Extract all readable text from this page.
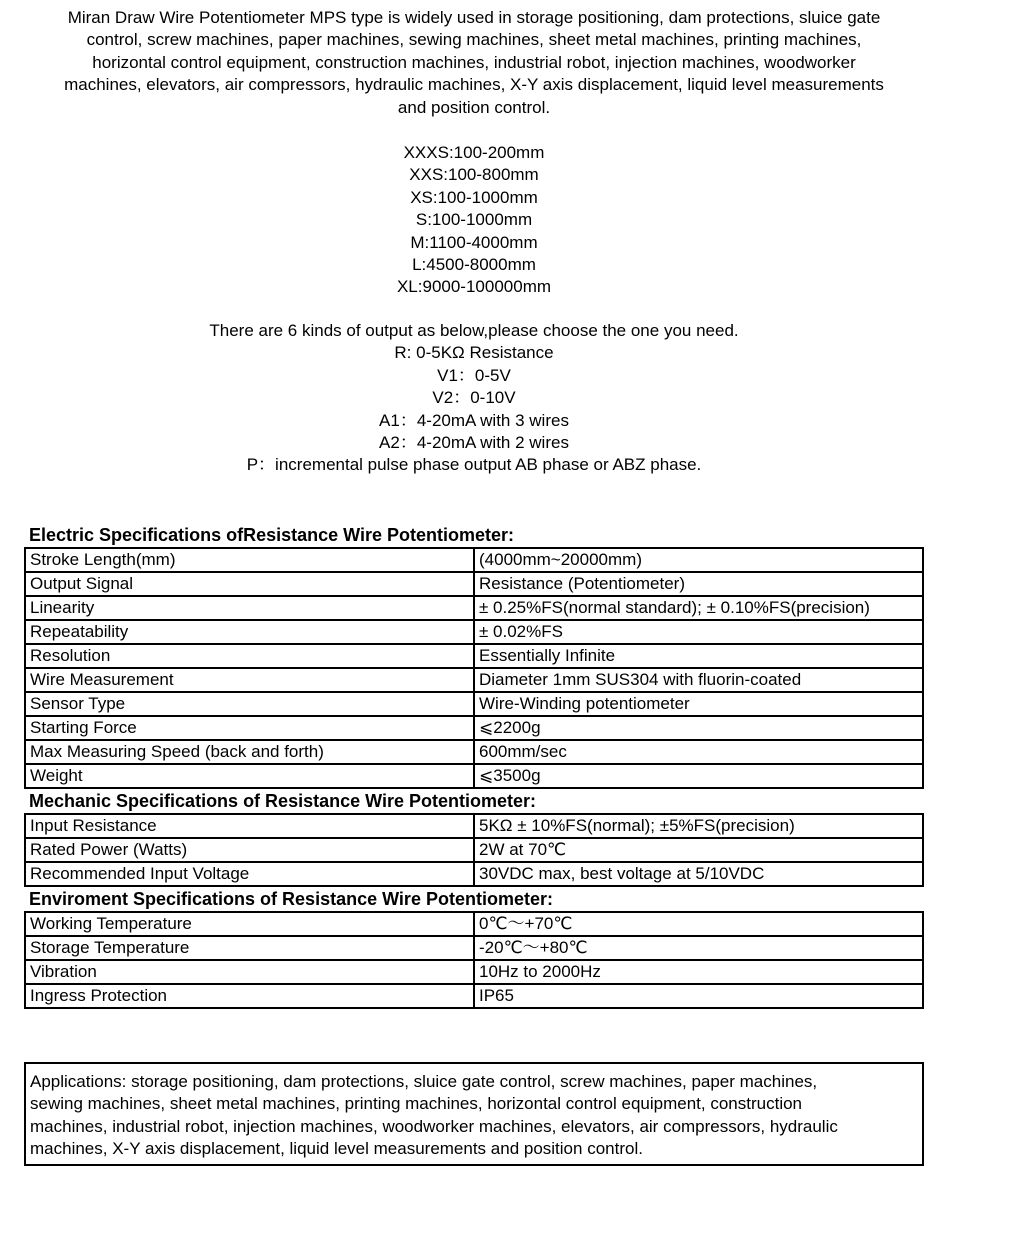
Miran Draw Wire Potentiometer MPS type is widely used in storage positioning, dam protections, sluice gate
control, screw machines, paper machines, sewing machines, sheet metal machines, printing machines,
horizontal control equipment, construction machines, industrial robot, injection machines, woodworker
machines, elevators, air compressors, hydraulic machines, X-Y axis displacement, liquid level measurements
and position control.
XXXS:100-200mm
XXS:100-800mm
XS:100-1000mm
S:100-1000mm
M:1100-4000mm
L:4500-8000mm
XL:9000-100000mm
There are 6 kinds of output as below,please choose the one you need.
R: 0-5KΩ Resistance
V1：0-5V
V2：0-10V
A1：4-20mA with 3 wires
A2：4-20mA with 2 wires
P：incremental pulse phase output AB phase or ABZ phase.
Electric Specifications ofResistance Wire Potentiometer:
Stroke Length(mm)	(4000mm~20000mm)
Output Signal	Resistance (Potentiometer)
Linearity	± 0.25%FS(normal standard); ± 0.10%FS(precision)
Repeatability	± 0.02%FS
Resolution	Essentially Infinite
Wire Measurement	Diameter 1mm SUS304 with fluorin-coated
Sensor Type	Wire-Winding potentiometer
Starting Force	⩽2200g
Max Measuring Speed (back and forth)	600mm/sec
Weight	⩽3500g
Mechanic Specifications of Resistance Wire Potentiometer:
Input Resistance	5KΩ ± 10%FS(normal); ±5%FS(precision)
Rated Power (Watts)	2W at 70℃
Recommended Input Voltage	30VDC max, best voltage at 5/10VDC
Enviroment Specifications of Resistance Wire Potentiometer:
Working Temperature	0℃～+70℃
Storage Temperature	-20℃～+80℃
Vibration	10Hz to 2000Hz
Ingress Protection	IP65
Applications: storage positioning, dam protections, sluice gate control, screw machines, paper machines,
sewing machines, sheet metal machines, printing machines, horizontal control equipment, construction
machines, industrial robot, injection machines, woodworker machines, elevators, air compressors, hydraulic
machines, X-Y axis displacement, liquid level measurements and position control.
